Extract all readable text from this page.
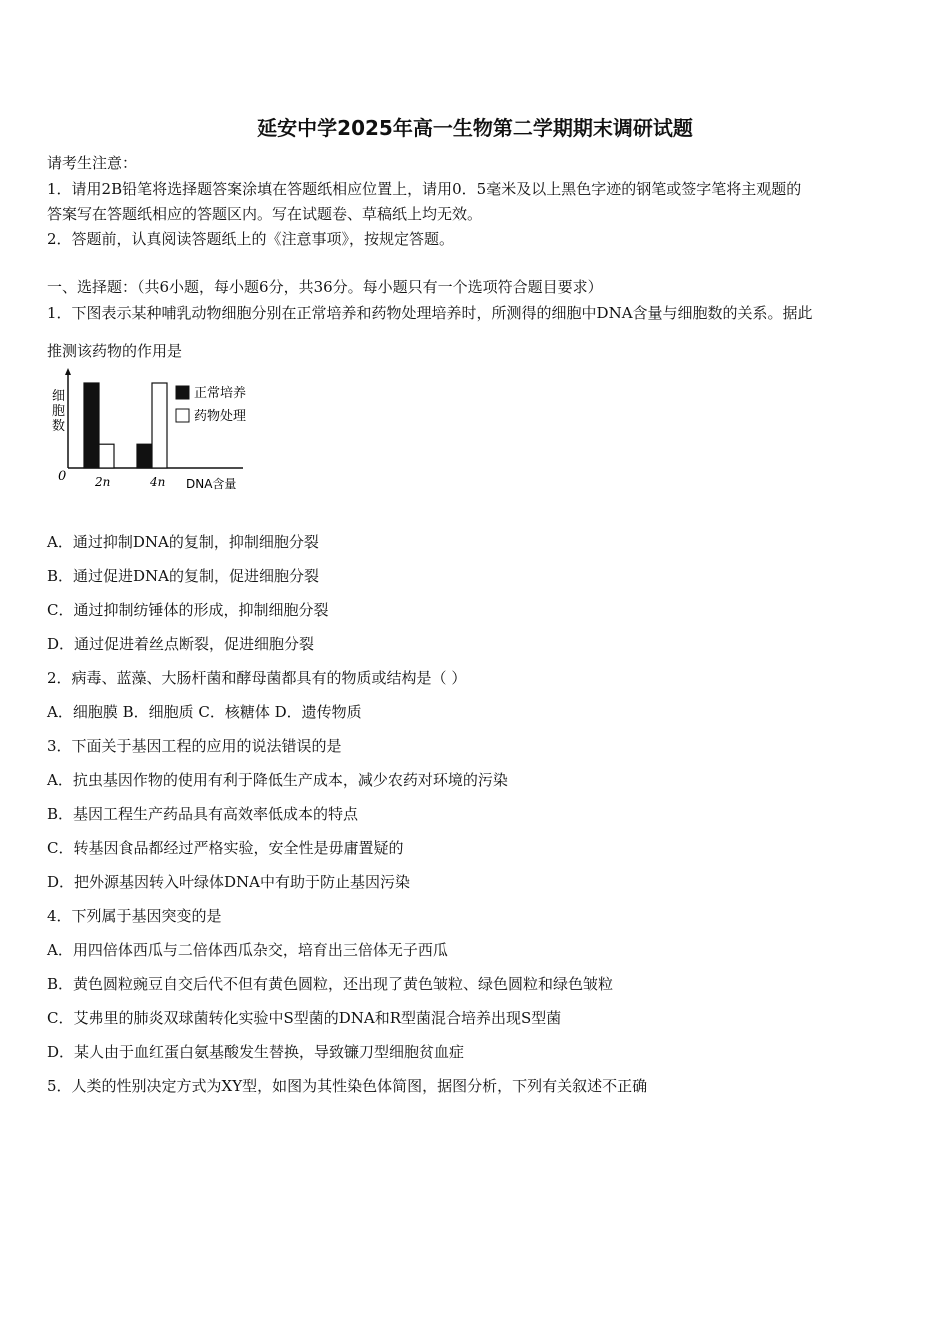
延安中学2025年高一生物第二学期期末调研试题
请考生注意：
1．请用2B铅笔将选择题答案涂填在答题纸相应位置上，请用0．5毫米及以上黑色字迹的钢笔或签字笔将主观题的
答案写在答题纸相应的答题区内。写在试题卷、草稿纸上均无效。
2．答题前，认真阅读答题纸上的《注意事项》，按规定答题。
一、选择题：（共6小题，每小题6分，共36分。每小题只有一个选项符合题目要求）
1．下图表示某种哺乳动物细胞分别在正常培养和药物处理培养时，所测得的细胞中DNA含量与细胞数的关系。据此
推测该药物的作用是
0
细胞数
2n	4n DNA含量
正常培养
药物处理
A．通过抑制DNA的复制，抑制细胞分裂
B．通过促进DNA的复制，促进细胞分裂
C．通过抑制纺锤体的形成，抑制细胞分裂
D．通过促进着丝点断裂，促进细胞分裂
2．病毒、蓝藻、大肠杆菌和酵母菌都具有的物质或结构是（ ）
A．细胞膜 B．细胞质 C．核糖体 D．遗传物质
3．下面关于基因工程的应用的说法错误的是
A．抗虫基因作物的使用有利于降低生产成本，减少农药对环境的污染
B．基因工程生产药品具有高效率低成本的特点
C．转基因食品都经过严格实验，安全性是毋庸置疑的
D．把外源基因转入叶绿体DNA中有助于防止基因污染
4．下列属于基因突变的是
A．用四倍体西瓜与二倍体西瓜杂交，培育出三倍体无子西瓜
B．黄色圆粒豌豆自交后代不但有黄色圆粒，还出现了黄色皱粒、绿色圆粒和绿色皱粒
C．艾弗里的肺炎双球菌转化实验中S型菌的DNA和R型菌混合培养出现S型菌
D．某人由于血红蛋白氨基酸发生替换，导致镰刀型细胞贫血症
5．人类的性别决定方式为XY型，如图为其性染色体简图，据图分析，下列有关叙述不正确
